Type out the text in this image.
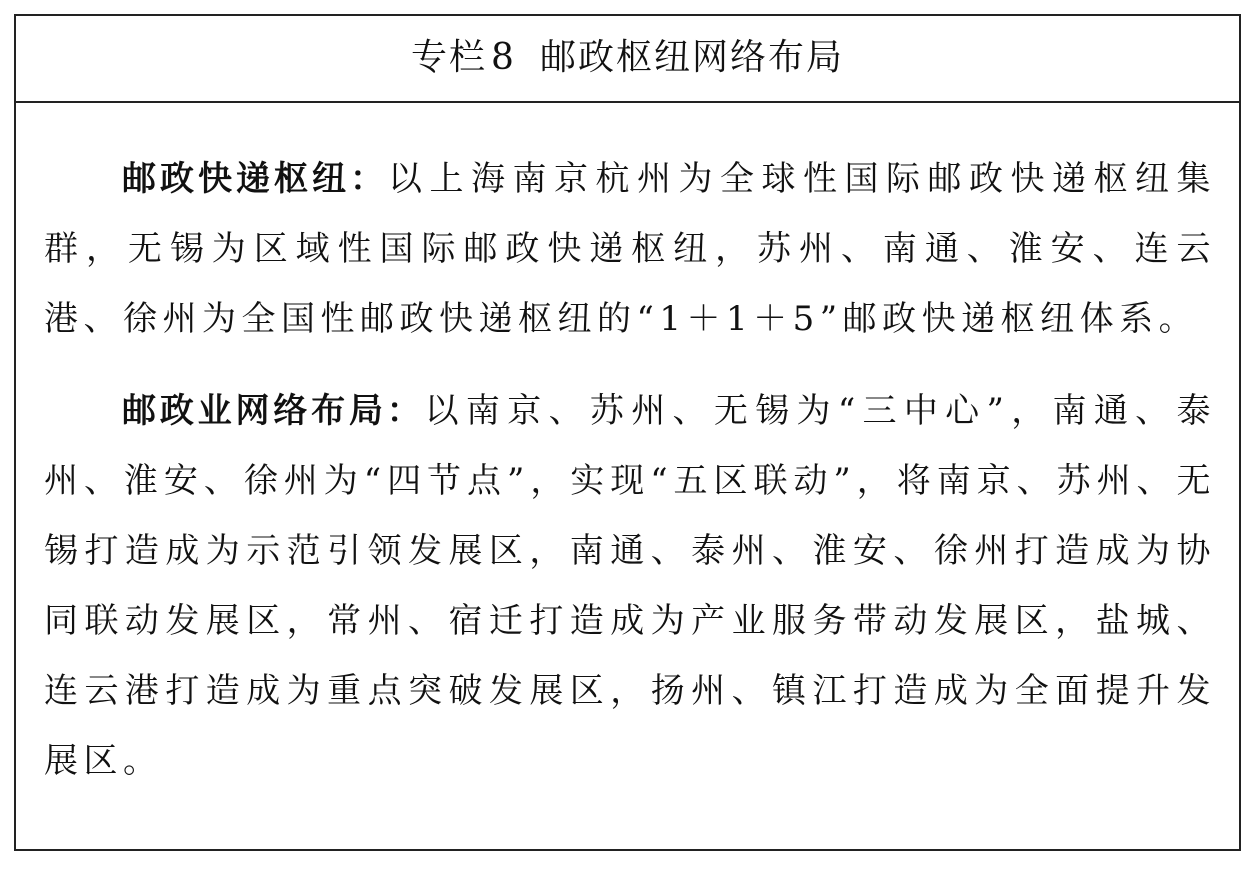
专栏 8 邮政枢纽网络布局

邮政快递枢纽：以上海南京杭州为全球性国际邮政快递枢纽集群，无锡为区域性国际邮政快递枢纽，苏州、南通、淮安、连云港、徐州为全国性邮政快递枢纽的“1＋1＋5”邮政快递枢纽体系。

邮政业网络布局：以南京、苏州、无锡为“三中心”，南通、泰州、淮安、徐州为“四节点”，实现“五区联动”，将南京、苏州、无锡打造成为示范引领发展区，南通、泰州、淮安、徐州打造成为协同联动发展区，常州、宿迁打造成为产业服务带动发展区，盐城、连云港打造成为重点突破发展区，扬州、镇江打造成为全面提升发展区。
